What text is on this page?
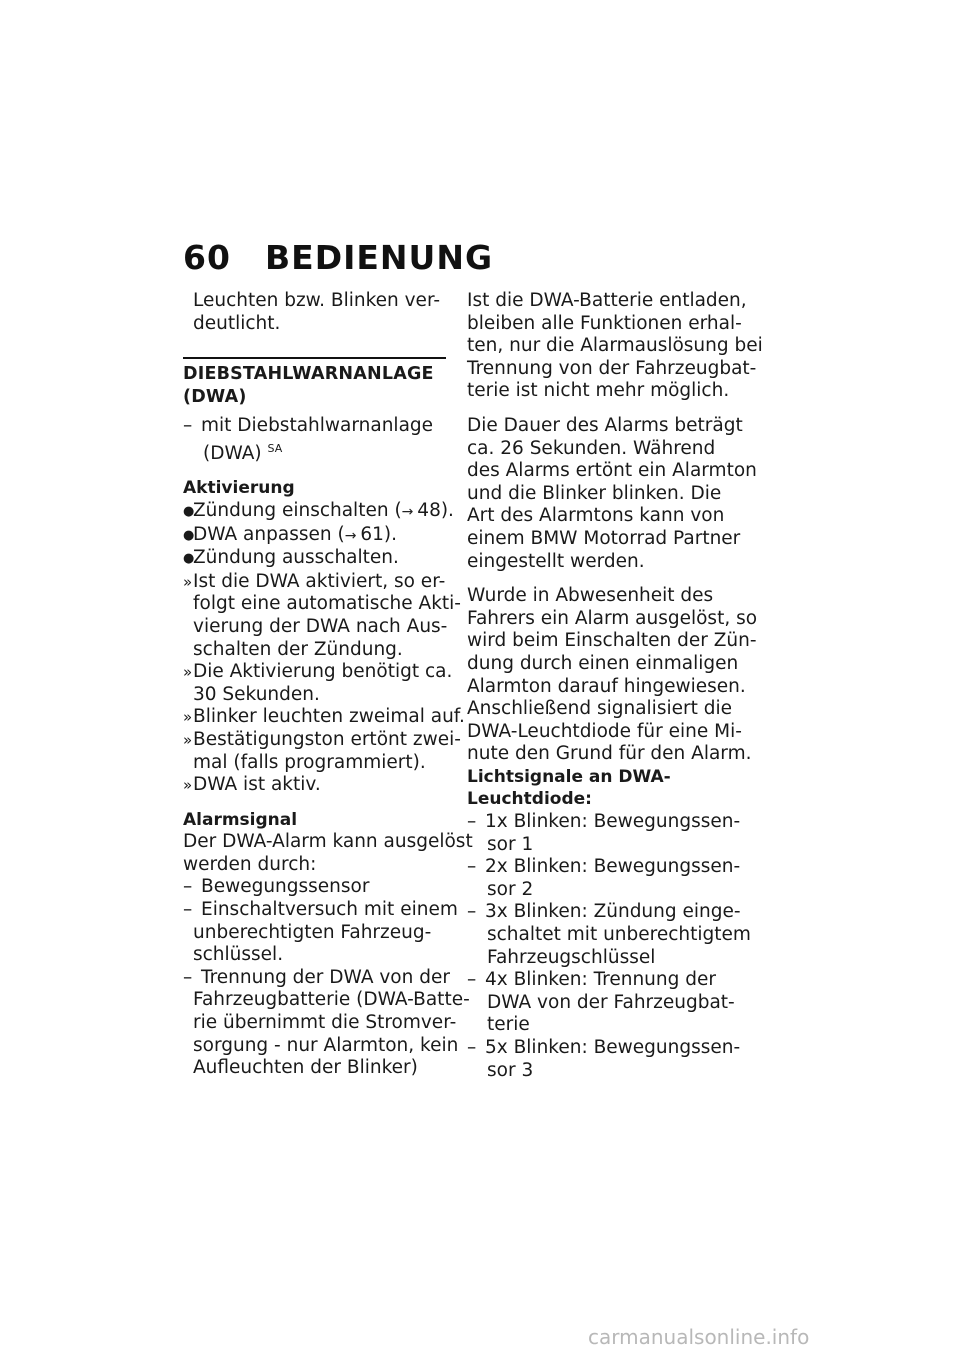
60 BEDIENUNG
Leuchten bzw. Blinken ver-
deutlicht.
DIEBSTAHLWARNANLAGE
(DWA)
– mit Diebstahlwarnanlage
(DWA) $^{SA}$
Aktivierung
●Zündung einschalten (→ 48).
●DWA anpassen (→ 61).
●Zündung ausschalten.
»Ist die DWA aktiviert, so er-
folgt eine automatische Akti-
vierung der DWA nach Aus-
schalten der Zündung.
»Die Aktivierung benötigt ca.
30 Sekunden.
»Blinker leuchten zweimal auf.
»Bestätigungston ertönt zwei-
mal (falls programmiert).
»DWA ist aktiv.
Alarmsignal
Der DWA-Alarm kann ausgelöst
werden durch:
– Bewegungssensor
– Einschaltversuch mit einem
unberechtigten Fahrzeug-
schlüssel.
– Trennung der DWA von der
Fahrzeugbatterie (DWA-Batte-
rie übernimmt die Stromver-
sorgung - nur Alarmton, kein
Aufleuchten der Blinker)
Ist die DWA-Batterie entladen,
bleiben alle Funktionen erhal-
ten, nur die Alarmauslösung bei
Trennung von der Fahrzeugbat-
terie ist nicht mehr möglich.
Die Dauer des Alarms beträgt
ca. 26 Sekunden. Während
des Alarms ertönt ein Alarmton
und die Blinker blinken. Die
Art des Alarmtons kann von
einem BMW Motorrad Partner
eingestellt werden.
Wurde in Abwesenheit des
Fahrers ein Alarm ausgelöst, so
wird beim Einschalten der Zün-
dung durch einen einmaligen
Alarmton darauf hingewiesen.
Anschließend signalisiert die
DWA-Leuchtdiode für eine Mi-
nute den Grund für den Alarm.
Lichtsignale an DWA-
Leuchtdiode:
– 1x Blinken: Bewegungssen-
sor 1
– 2x Blinken: Bewegungssen-
sor 2
– 3x Blinken: Zündung einge-
schaltet mit unberechtigtem
Fahrzeugschlüssel
– 4x Blinken: Trennung der
DWA von der Fahrzeugbat-
terie
– 5x Blinken: Bewegungssen-
sor 3
carmanualsonline.info
